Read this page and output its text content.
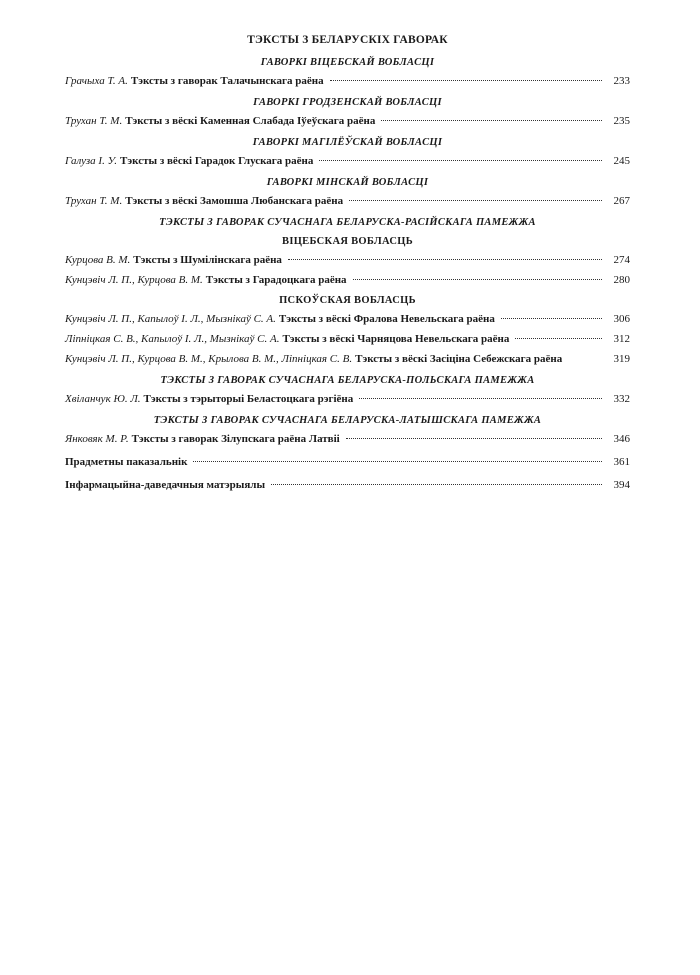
ТЭКСТЫ З БЕЛАРУСКІХ ГАВОРАК
ГАВОРКІ ВІЦЕБСКАЙ ВОБЛАСЦІ
Грачыха Т. А. Тэксты з гаворак Талачынскага раёна	233
ГАВОРКІ ГРОДЗЕНСКАЙ ВОБЛАСЦІ
Трухан Т. М. Тэксты з вёскі Каменная Слабада Іўеўскага раёна	235
ГАВОРКІ МАГІЛЁЎСКАЙ ВОБЛАСЦІ
Галуза І. У. Тэксты з вёскі Гарадок Глускага раёна	245
ГАВОРКІ МІНСКАЙ ВОБЛАСЦІ
Трухан Т. М. Тэксты з вёскі Замошша Любанскага раёна	267
ТЭКСТЫ З ГАВОРАК СУЧАСНАГА БЕЛАРУСКА-РАСІЙСКАГА ПАМЕЖЖА
ВІЦЕБСКАЯ ВОБЛАСЦЬ
Курцова В. М. Тэксты з Шумілінскага раёна	274
Кунцэвіч Л. П., Курцова В. М. Тэксты з Гарадоцкага раёна	280
ПСКОЎСКАЯ ВОБЛАСЦЬ
Кунцэвіч Л. П., Капылоў І. Л., Мызнікаў С. А. Тэксты з вёскі Фралова Невельскага раёна	306
Ліпніцкая С. В., Капылоў І. Л., Мызнікаў С. А. Тэксты з вёскі Чарняцова Невельскага раёна	312
Кунцэвіч Л. П., Курцова В. М., Крылова В. М., Ліпніцкая С. В. Тэксты з вёскі Засіціна Себежскага раёна	319
ТЭКСТЫ З ГАВОРАК СУЧАСНАГА БЕЛАРУСКА-ПОЛЬСКАГА ПАМЕЖЖА
Хвіланчук Ю. Л. Тэксты з тэрыторыі Беластоцкага рэгіёна	332
ТЭКСТЫ З ГАВОРАК СУЧАСНАГА БЕЛАРУСКА-ЛАТЫШСКАГА ПАМЕЖЖА
Янковяк М. Р. Тэксты з гаворак Зілупскага раёна Латвіі	346
Прадметны паказальнік	361
Інфармацыйна-даведачныя матэрыялы	394
